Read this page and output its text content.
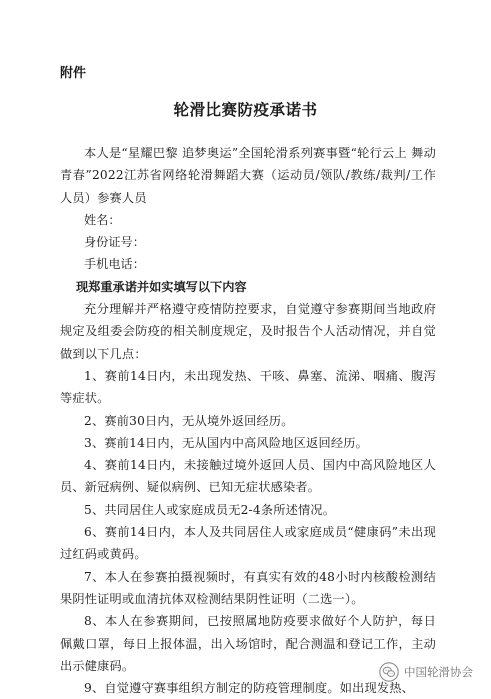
附件
轮滑比赛防疫承诺书

本人是“星耀巴黎 追梦奥运”全国轮滑系列赛事暨“轮行云上 舞动青春”2022江苏省网络轮滑舞蹈大赛（运动员/领队/教练/裁判/工作人员）参赛人员

姓名：

身份证号：

手机电话：

现郑重承诺并如实填写以下内容

充分理解并严格遵守疫情防控要求，自觉遵守参赛期间当地政府规定及组委会防疫的相关制度规定，及时报告个人活动情况，并自觉做到以下几点：

1、赛前14日内，未出现发热、干咳、鼻塞、流涕、咽痛、腹泻等症状。

2、赛前30日内，无从境外返回经历。

3、赛前14日内，无从国内中高风险地区返回经历。

4、赛前14日内，未接触过境外返回人员、国内中高风险地区人员、新冠病例、疑似病例、已知无症状感染者。

5、共同居住人或家庭成员无2-4条所述情况。

6、赛前14日内，本人及共同居住人或家庭成员“健康码”未出现过红码或黄码。

7、本人在参赛拍摄视频时，有真实有效的48小时内核酸检测结果阴性证明或血清抗体双检测结果阴性证明（二选一）。

8、本人在参赛期间，已按照属地防疫要求做好个人防护，每日佩戴口罩，每日上报体温，出入场馆时，配合测温和登记工作，主动出示健康码。

9、自觉遵守赛事组织方制定的防疫管理制度。如出现发热、

中国轮滑协会
